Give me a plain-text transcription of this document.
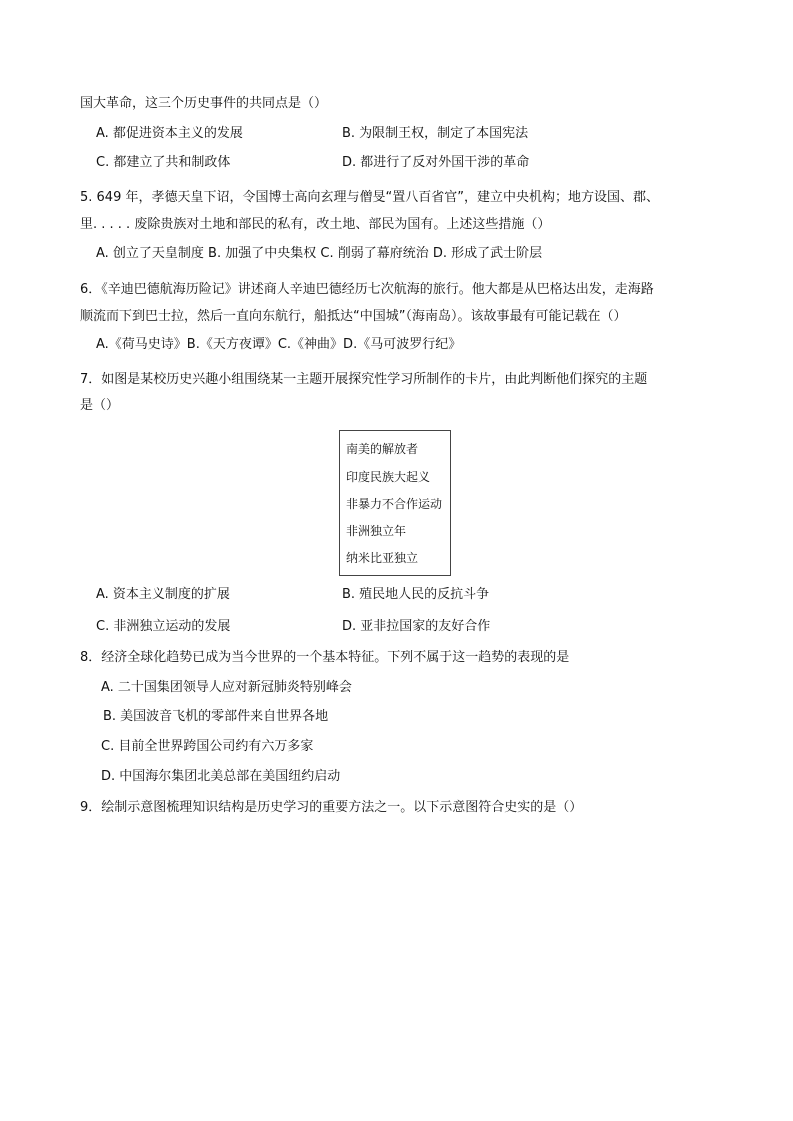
国大革命，这三个历史事件的共同点是（）
A. 都促进资本主义的发展	B. 为限制王权，制定了本国宪法
C. 都建立了共和制政体	D. 都进行了反对外国干涉的革命
5. 649 年，孝德天皇下诏，令国博士高向玄理与僧旻“置八百省官”，建立中央机构；地方设国、郡、
里. . . . . 废除贵族对土地和部民的私有，改土地、部民为国有。上述这些措施（）
A. 创立了天皇制度 B. 加强了中央集权 C. 削弱了幕府统治 D. 形成了武士阶层
6．《辛迪巴德航海历险记》讲述商人辛迪巴德经历七次航海的旅行。他大都是从巴格达出发，走海路
顺流而下到巴士拉，然后一直向东航行，船抵达“中国城”（海南岛）。该故事最有可能记载在（）
A.《荷马史诗》B.《天方夜谭》C.《神曲》D.《马可波罗行纪》
7．如图是某校历史兴趣小组围绕某一主题开展探究性学习所制作的卡片，由此判断他们探究的主题
是（）
南美的解放者
印度民族大起义
非暴力不合作运动
非洲独立年
纳米比亚独立
A. 资本主义制度的扩展	B. 殖民地人民的反抗斗争
C. 非洲独立运动的发展	D. 亚非拉国家的友好合作
8．经济全球化趋势已成为当今世界的一个基本特征。下列不属于这一趋势的表现的是
A. 二十国集团领导人应对新冠肺炎特别峰会
B. 美国波音飞机的零部件来自世界各地
C. 目前全世界跨国公司约有六万多家
D. 中国海尔集团北美总部在美国纽约启动
9．绘制示意图梳理知识结构是历史学习的重要方法之一。以下示意图符合史实的是（）
